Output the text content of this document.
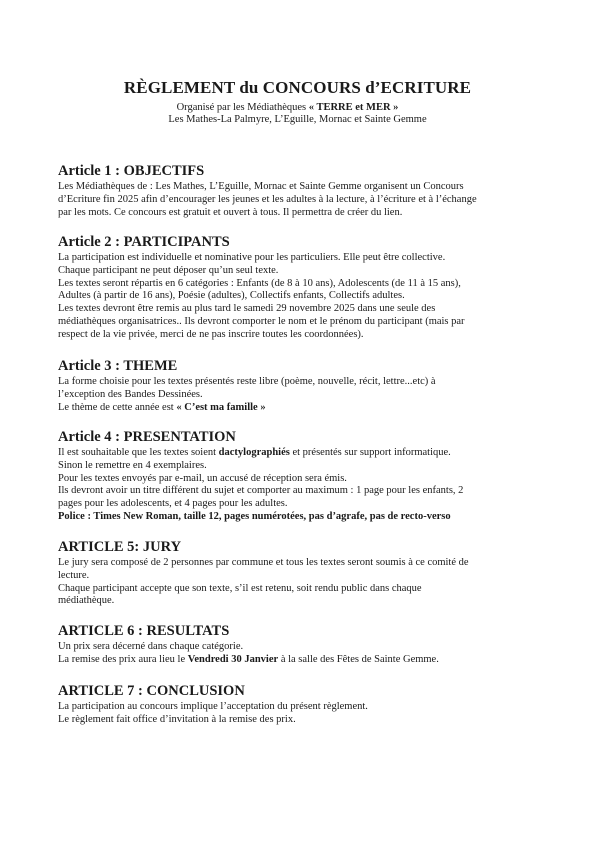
RÈGLEMENT du CONCOURS d’ECRITURE
Organisé par les Médiathèques « TERRE et MER »
Les Mathes-La Palmyre, L’Eguille, Mornac et Sainte Gemme
Article 1 : OBJECTIFS
Les Médiathèques de : Les Mathes, L’Eguille, Mornac et Sainte Gemme organisent un Concours
d’Ecriture fin 2025 afin d’encourager les jeunes et les adultes à la lecture, à l’écriture et à l’échange
par les mots. Ce concours est gratuit et ouvert à tous. Il permettra de créer du lien.
Article 2 : PARTICIPANTS
La participation est individuelle et nominative pour les particuliers. Elle peut être collective.
Chaque participant ne peut déposer qu’un seul texte.
Les textes seront répartis en 6 catégories : Enfants (de 8 à 10 ans), Adolescents (de 11 à 15 ans),
Adultes (à partir de 16 ans), Poésie (adultes), Collectifs enfants, Collectifs adultes.
Les textes devront être remis au plus tard le samedi 29 novembre 2025 dans une seule des
médiathèques organisatrices.. Ils devront comporter le nom et le prénom du participant (mais par
respect de la vie privée, merci de ne pas inscrire toutes les coordonnées).
Article 3 : THEME
La forme choisie pour les textes présentés reste libre (poème, nouvelle, récit, lettre...etc) à
l’exception des Bandes Dessinées.
Le thème de cette année est « C’est ma famille »
Article 4 : PRESENTATION
Il est souhaitable que les textes soient dactylographiés et présentés sur support informatique.
Sinon le remettre en 4 exemplaires.
Pour les textes envoyés par e-mail, un accusé de réception sera émis.
Ils devront avoir un titre différent du sujet et comporter au maximum : 1 page pour les enfants, 2
pages pour les adolescents, et 4 pages pour les adultes.
Police : Times New Roman, taille 12, pages numérotées, pas d’agrafe, pas de recto-verso
ARTICLE 5: JURY
Le jury sera composé de 2 personnes par commune et tous les textes seront soumis à ce comité de
lecture.
Chaque participant accepte que son texte, s’il est retenu, soit rendu public dans chaque
médiathèque.
ARTICLE 6 : RESULTATS
Un prix sera décerné dans chaque catégorie.
La remise des prix aura lieu le Vendredi 30 Janvier à la salle des Fêtes de Sainte Gemme.
ARTICLE 7 : CONCLUSION
La participation au concours implique l’acceptation du présent règlement.
Le règlement fait office d’invitation à la remise des prix.
